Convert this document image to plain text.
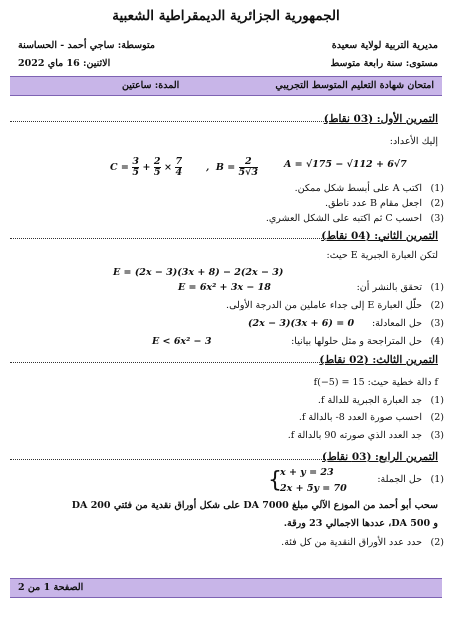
الجمهورية الجزائرية الديمقراطية الشعبية
مديرية التربية لولاية سعيدة
متوسطة: ساجي أحمد - الحساسنة
مستوى: سنة رابعة متوسط
الاثنين: 16 ماي 2022
امتحان شهادة التعليم المتوسط التجريبي
المدة: ساعتين
التمرين الأول: (03 نقاط)
إليك الأعداد:
$C = \frac{3}{5} + \frac{2}{5} \times \frac{7}{4}$ ,  $B = \frac{2}{5√3}$	A = √175 − √112 + 6√7
اكتب A على أبسط شكل ممكن. (1)
اجعل مقام B عدد ناطق. (2)
احسب C ثم اكتبه على الشكل العشري. (3)
التمرين الثاني: (04 نقاط)
لتكن العبارة الجبرية E حيث:
E = (2x − 3)(3x + 8) − 2(2x − 3)
تحقق بالنشر أن:
E = 6x² + 3x − 18	(1)
حلّل العبارة E إلى جداء عاملين من الدرجة الأولى. (2)
حل المعادلة:
(2x − 3)(3x + 6) = 0	(3)
حل المتراجحة و مثل حلولها بيانيا:
E < 6x² − 3	(4)
التمرين الثالث: (02 نقاط)
f دالة خطية حيث: f(−5) = 15
جد العبارة الجبرية للدالة f. (1)
احسب صورة العدد 8- بالدالة f. (2)
جد العدد الذي صورته 90 بالدالة f. (3)
التمرين الرابع: (03 نقاط)
حل الجملة: (1)
{
x + y = 23
2x + 5y = 70
سحب أبو أحمد من الموزع الآلي مبلغ 7000 DA على شكل أوراق نقدية من فئتي 200 DA
و 500 DA، عددها الاجمالي 23 ورقة.
حدد عدد الأوراق النقدية من كل فئة. (2)
الصفحة 1 من 2
